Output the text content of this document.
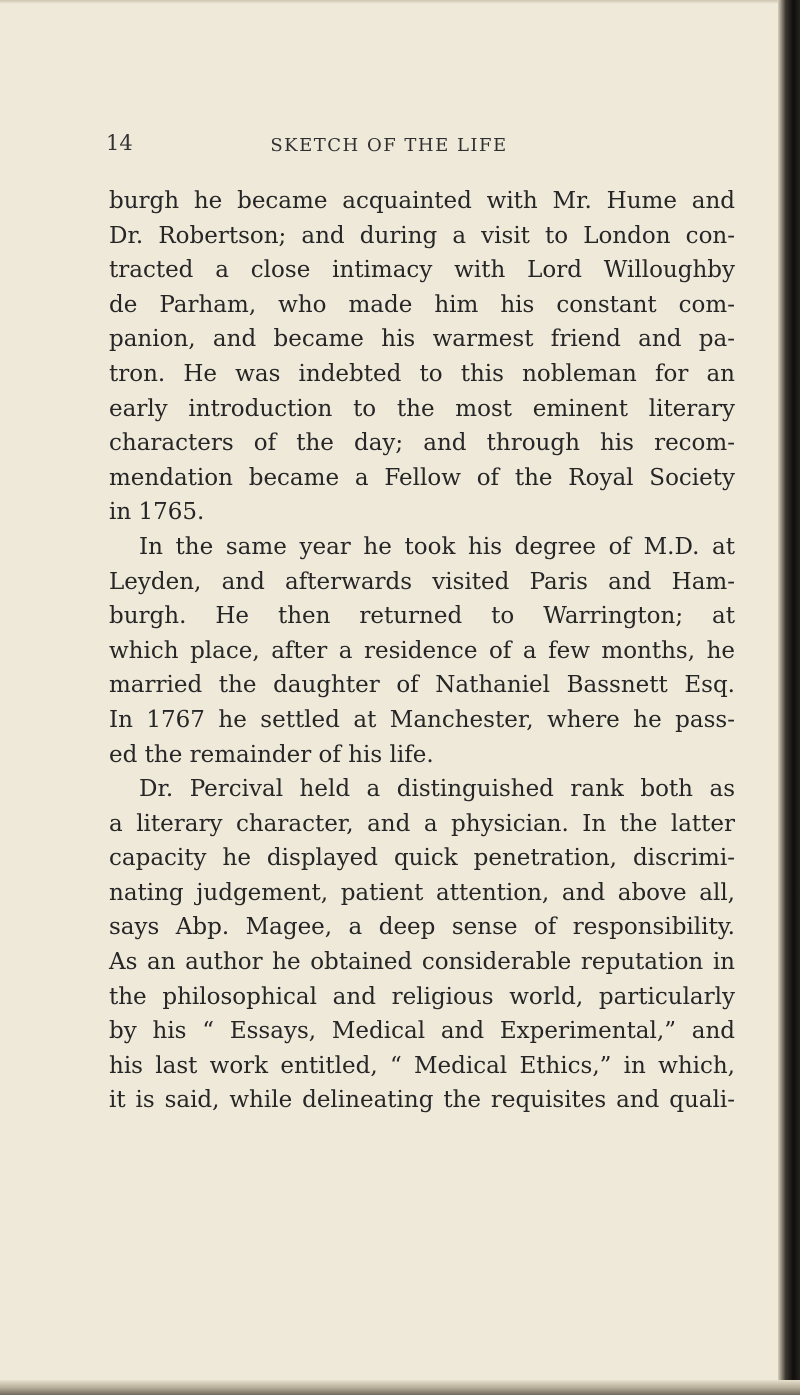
14	SKETCH OF THE LIFE

burgh he became acquainted with Mr. Hume and
Dr. Robertson; and during a visit to London con-
tracted a close intimacy with Lord Willoughby
de Parham, who made him his constant com-
panion, and became his warmest friend and pa-
tron. He was indebted to this nobleman for an
early introduction to the most eminent literary
characters of the day; and through his recom-
mendation became a Fellow of the Royal Society
in 1765.
In the same year he took his degree of M.D. at
Leyden, and afterwards visited Paris and Ham-
burgh. He then returned to Warrington; at
which place, after a residence of a few months, he
married the daughter of Nathaniel Bassnett Esq.
In 1767 he settled at Manchester, where he pass-
ed the remainder of his life.
Dr. Percival held a distinguished rank both as
a literary character, and a physician. In the latter
capacity he displayed quick penetration, discrimi-
nating judgement, patient attention, and above all,
says Abp. Magee, a deep sense of responsibility.
As an author he obtained considerable reputation in
the philosophical and religious world, particularly
by his “ Essays, Medical and Experimental,” and
his last work entitled, “ Medical Ethics,” in which,
it is said, while delineating the requisites and quali-
